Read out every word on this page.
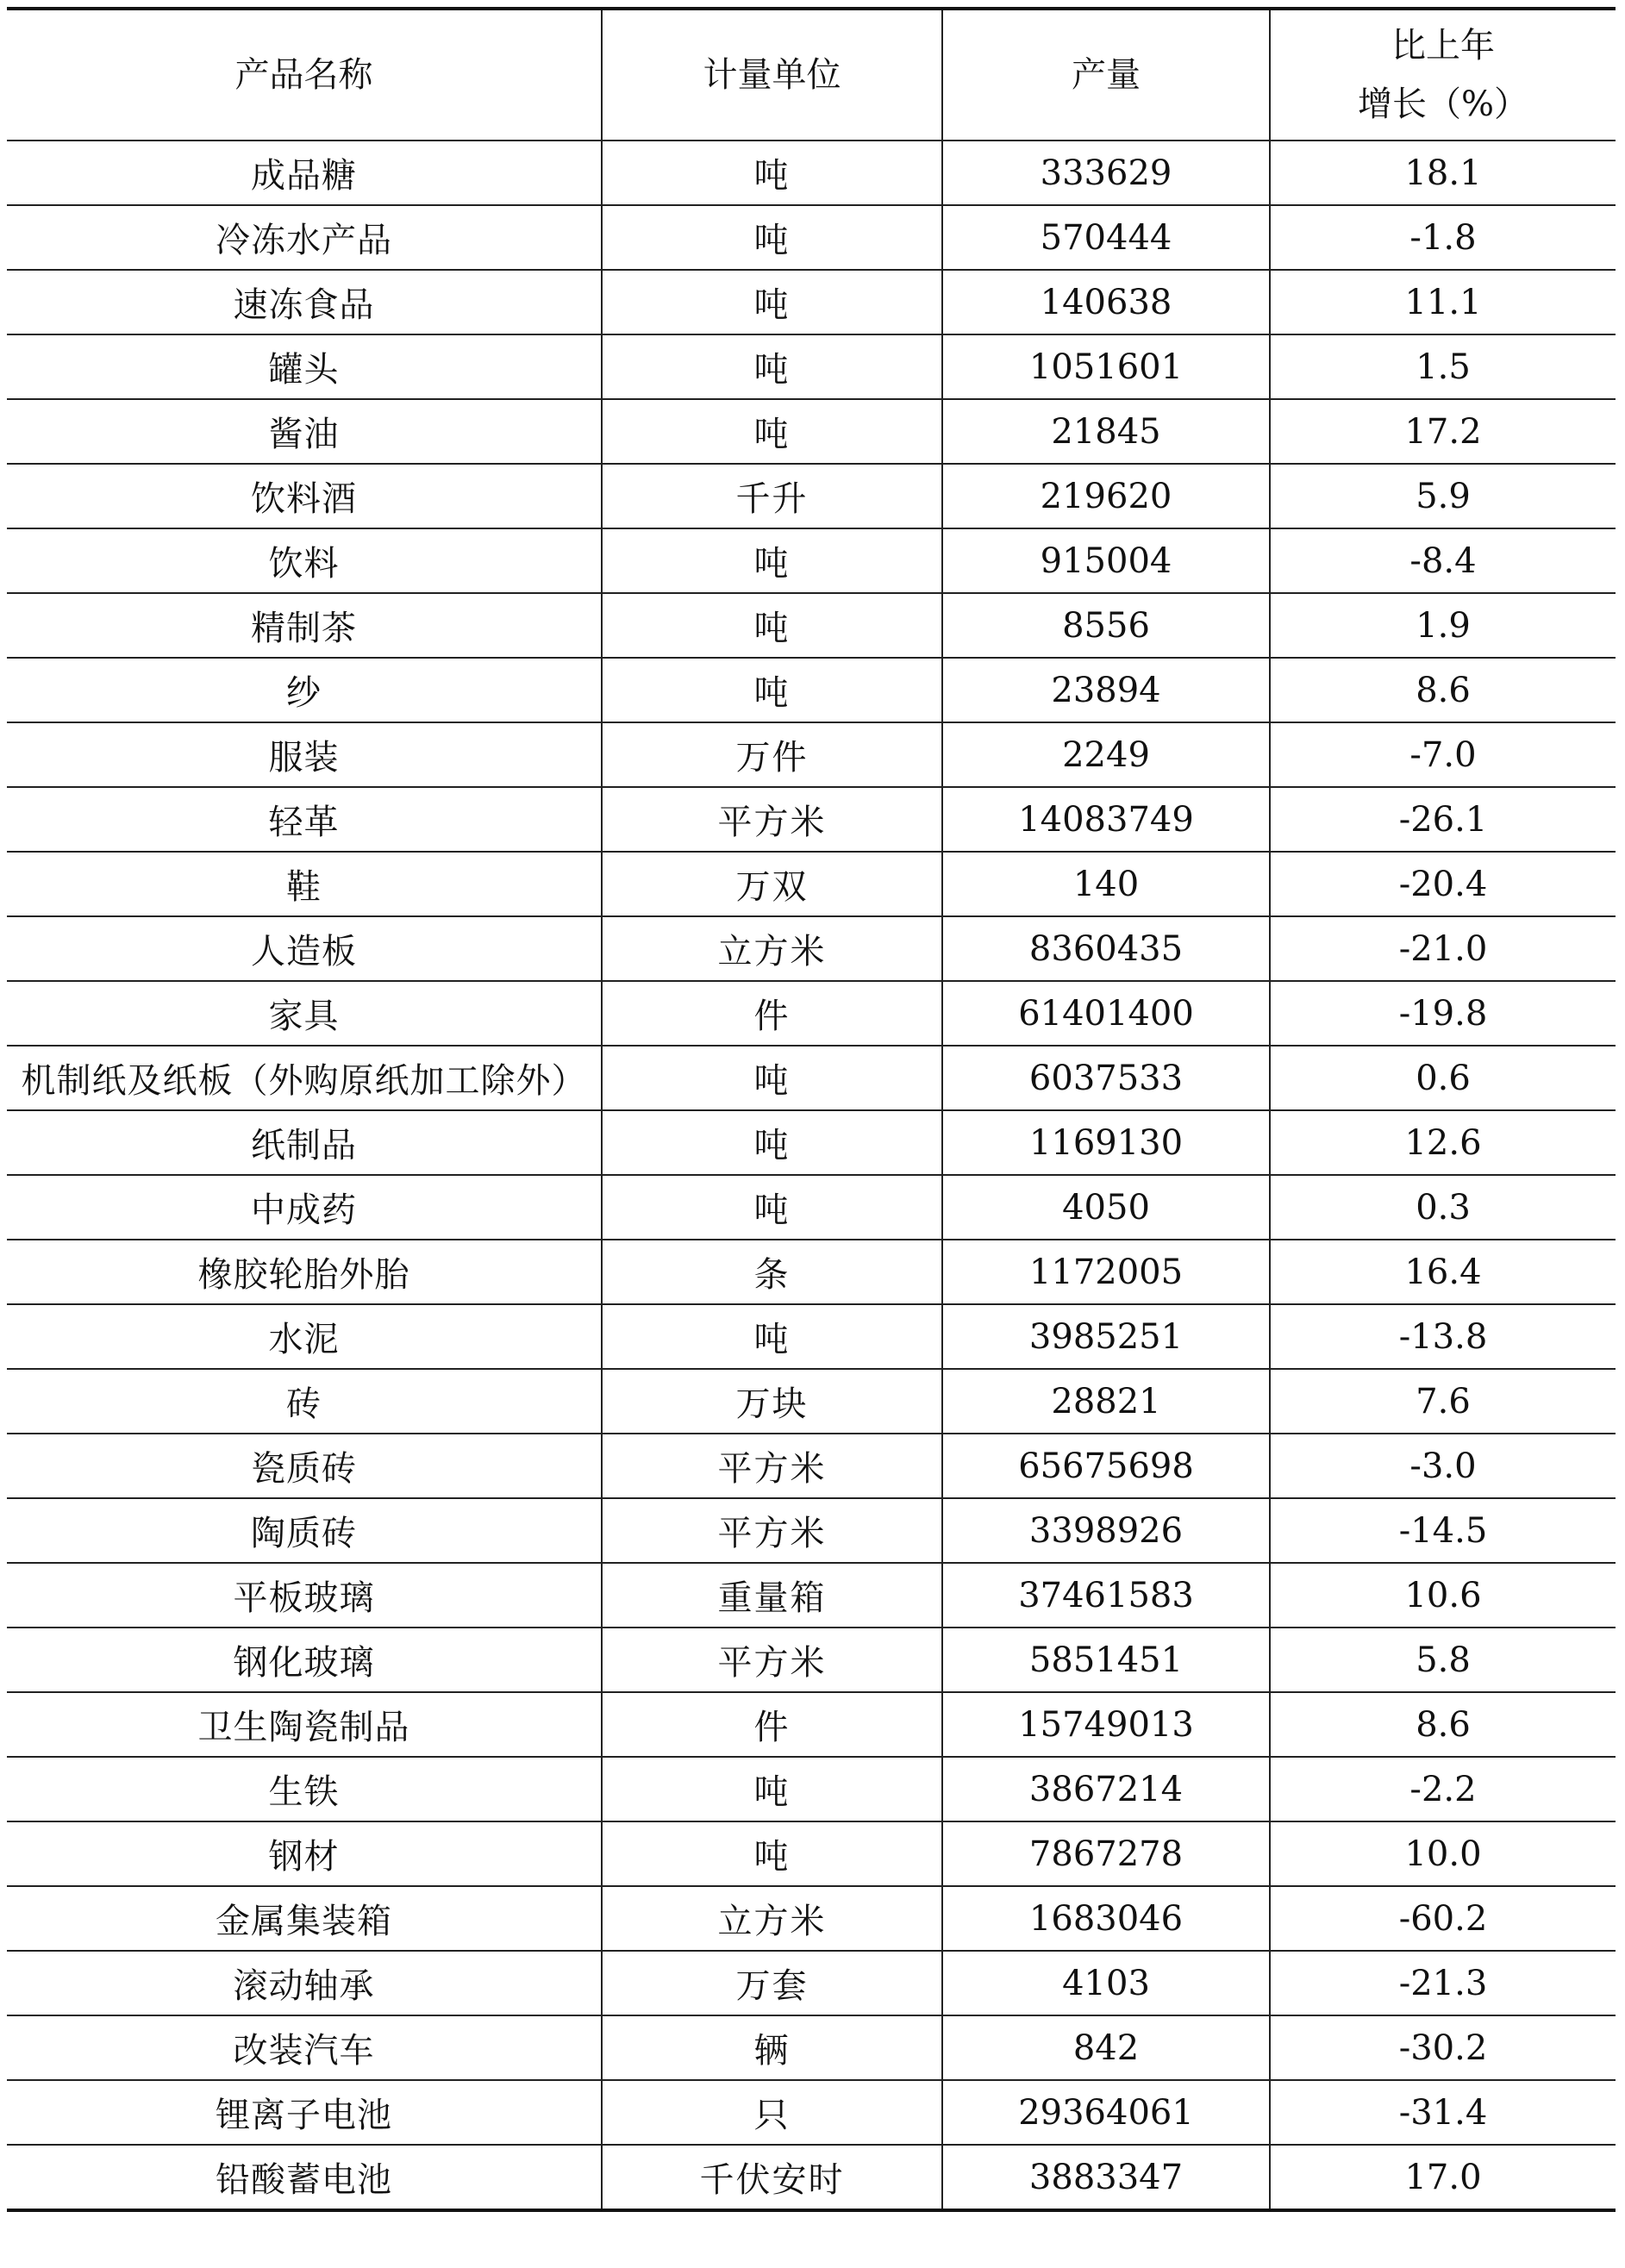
产品名称	计量单位	产量	比上年
增长（%）

成品糖	吨	333629	18.1
冷冻水产品	吨	570444	-1.8
速冻食品	吨	140638	11.1
罐头	吨	1051601	1.5
酱油	吨	21845	17.2
饮料酒	千升	219620	5.9
饮料	吨	915004	-8.4
精制茶	吨	8556	1.9
纱	吨	23894	8.6
服装	万件	2249	-7.0
轻革	平方米	14083749	-26.1
鞋	万双	140	-20.4
人造板	立方米	8360435	-21.0
家具	件	61401400	-19.8
机制纸及纸板（外购原纸加工除外）	吨	6037533	0.6
纸制品	吨	1169130	12.6
中成药	吨	4050	0.3
橡胶轮胎外胎	条	1172005	16.4
水泥	吨	3985251	-13.8
砖	万块	28821	7.6
瓷质砖	平方米	65675698	-3.0
陶质砖	平方米	3398926	-14.5
平板玻璃	重量箱	37461583	10.6
钢化玻璃	平方米	5851451	5.8
卫生陶瓷制品	件	15749013	8.6
生铁	吨	3867214	-2.2
钢材	吨	7867278	10.0
金属集装箱	立方米	1683046	-60.2
滚动轴承	万套	4103	-21.3
改装汽车	辆	842	-30.2
锂离子电池	只	29364061	-31.4
铅酸蓄电池	千伏安时	3883347	17.0
